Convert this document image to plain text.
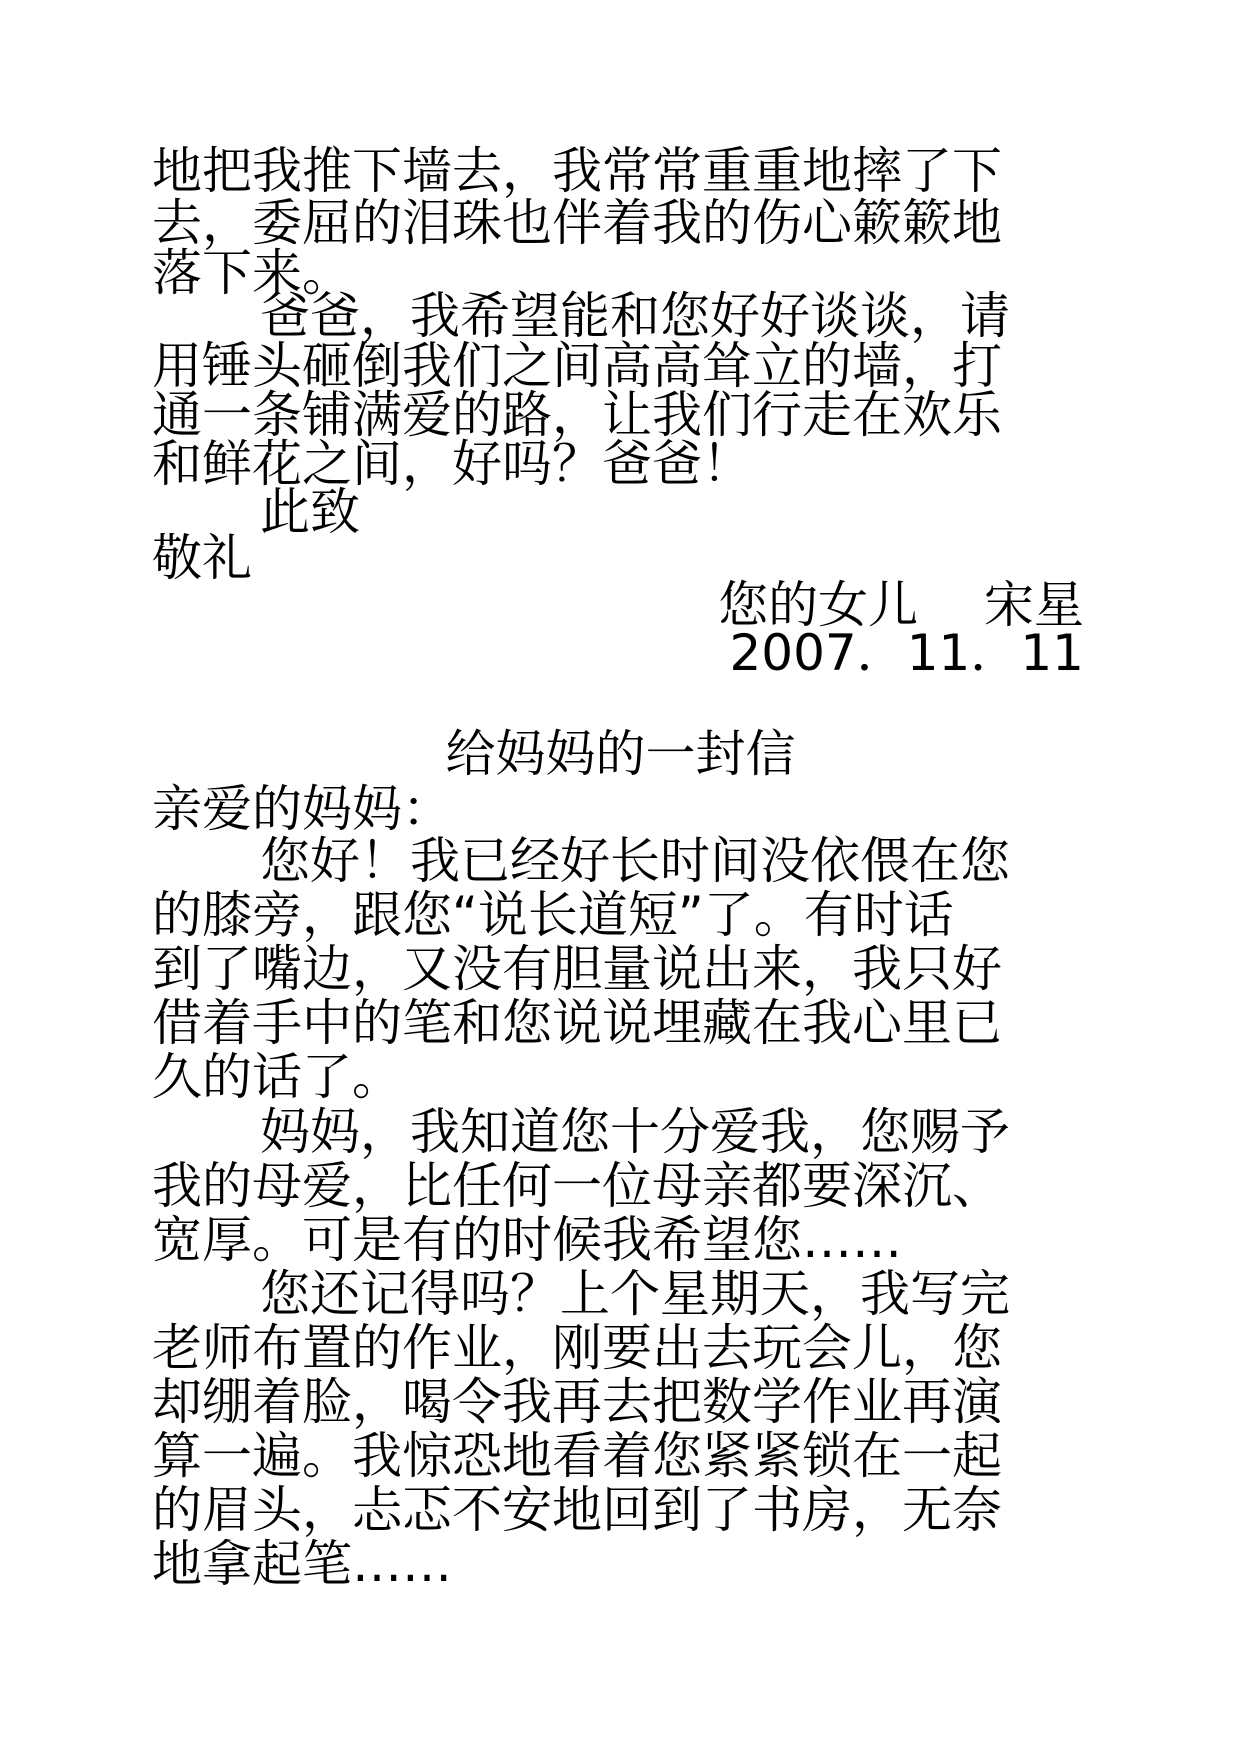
地把我推下墙去，我常常重重地摔了下
去，委屈的泪珠也伴着我的伤心簌簌地
落下来。
爸爸，我希望能和您好好谈谈，请
用锤头砸倒我们之间高高耸立的墙，打
通一条铺满爱的路，让我们行走在欢乐
和鲜花之间，好吗？爸爸！
此致
敬礼
您的女儿　 宋星
2007．11．11
给妈妈的一封信
亲爱的妈妈：
您好！我已经好长时间没依偎在您
的膝旁，跟您“说长道短”了。有时话
到了嘴边，又没有胆量说出来，我只好
借着手中的笔和您说说埋藏在我心里已
久的话了。
妈妈，我知道您十分爱我，您赐予
我的母爱，比任何一位母亲都要深沉、
宽厚。可是有的时候我希望您……
您还记得吗？上个星期天，我写完
老师布置的作业，刚要出去玩会儿，您
却绷着脸，喝令我再去把数学作业再演
算一遍。我惊恐地看着您紧紧锁在一起
的眉头，忐忑不安地回到了书房，无奈
地拿起笔……
